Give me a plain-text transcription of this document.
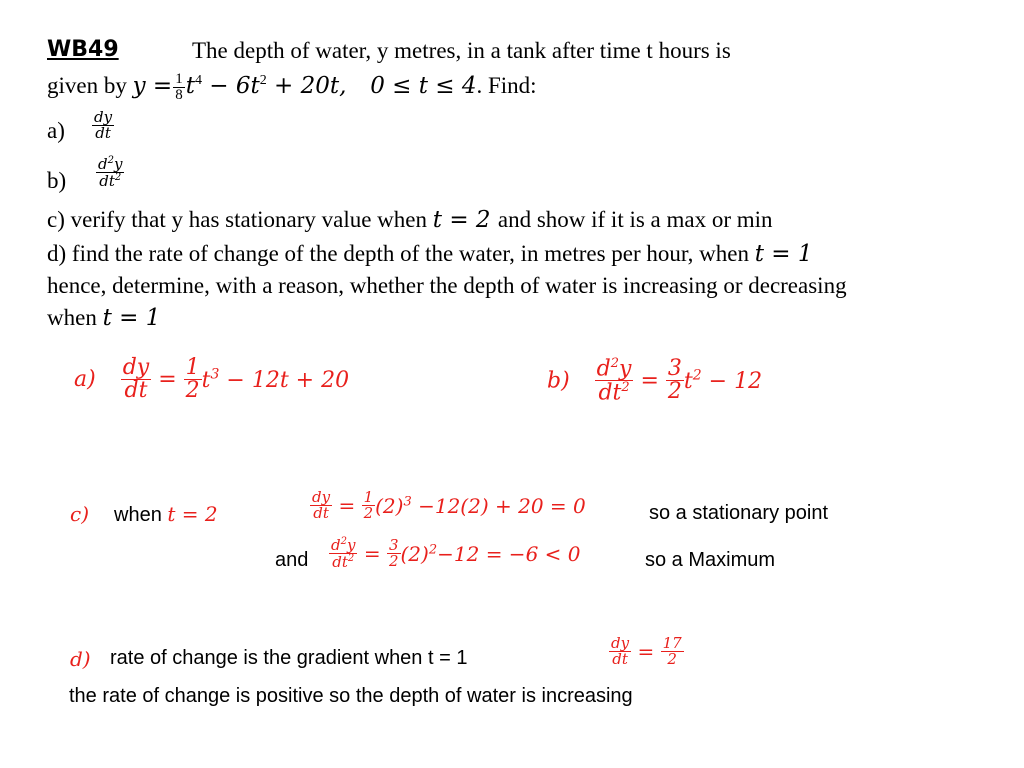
WB49	The depth of water, y metres, in a tank after time t hours is
given by $y = \frac{1}{8} t^4 - 6t^2 + 20t$, 0 ≤ t ≤ 4. Find:
$a) \frac{dy}{dt}$
$b) \frac{d^2y}{dt^2}$
c) verify that y has stationary value when t = 2 and show if it is a max or min
d) find the rate of change of the depth of the water, in metres per hour, when t = 1
hence, determine, with a reason, whether the depth of water is increasing or decreasing
when t = 1
$a) \frac{dy}{dt} = \frac{1}{2} t^3 - 12t + 20$	$b) \frac{d^2y}{dt^2} = \frac{3}{2} t^2 - 12$
c) when t = 2	$\frac{dy}{dt} = \frac{1}{2} (2)^3 -12(2) + 20 = 0$	so a stationary point
and $\frac{d^2y}{dt^2} = \frac{3}{2} (2)^2-12 = -6 < 0$	so a Maximum
d) rate of change is the gradient when t = 1	$\frac{dy}{dt} = \frac{17}{2}$
the rate of change is positive so the depth of water is increasing
